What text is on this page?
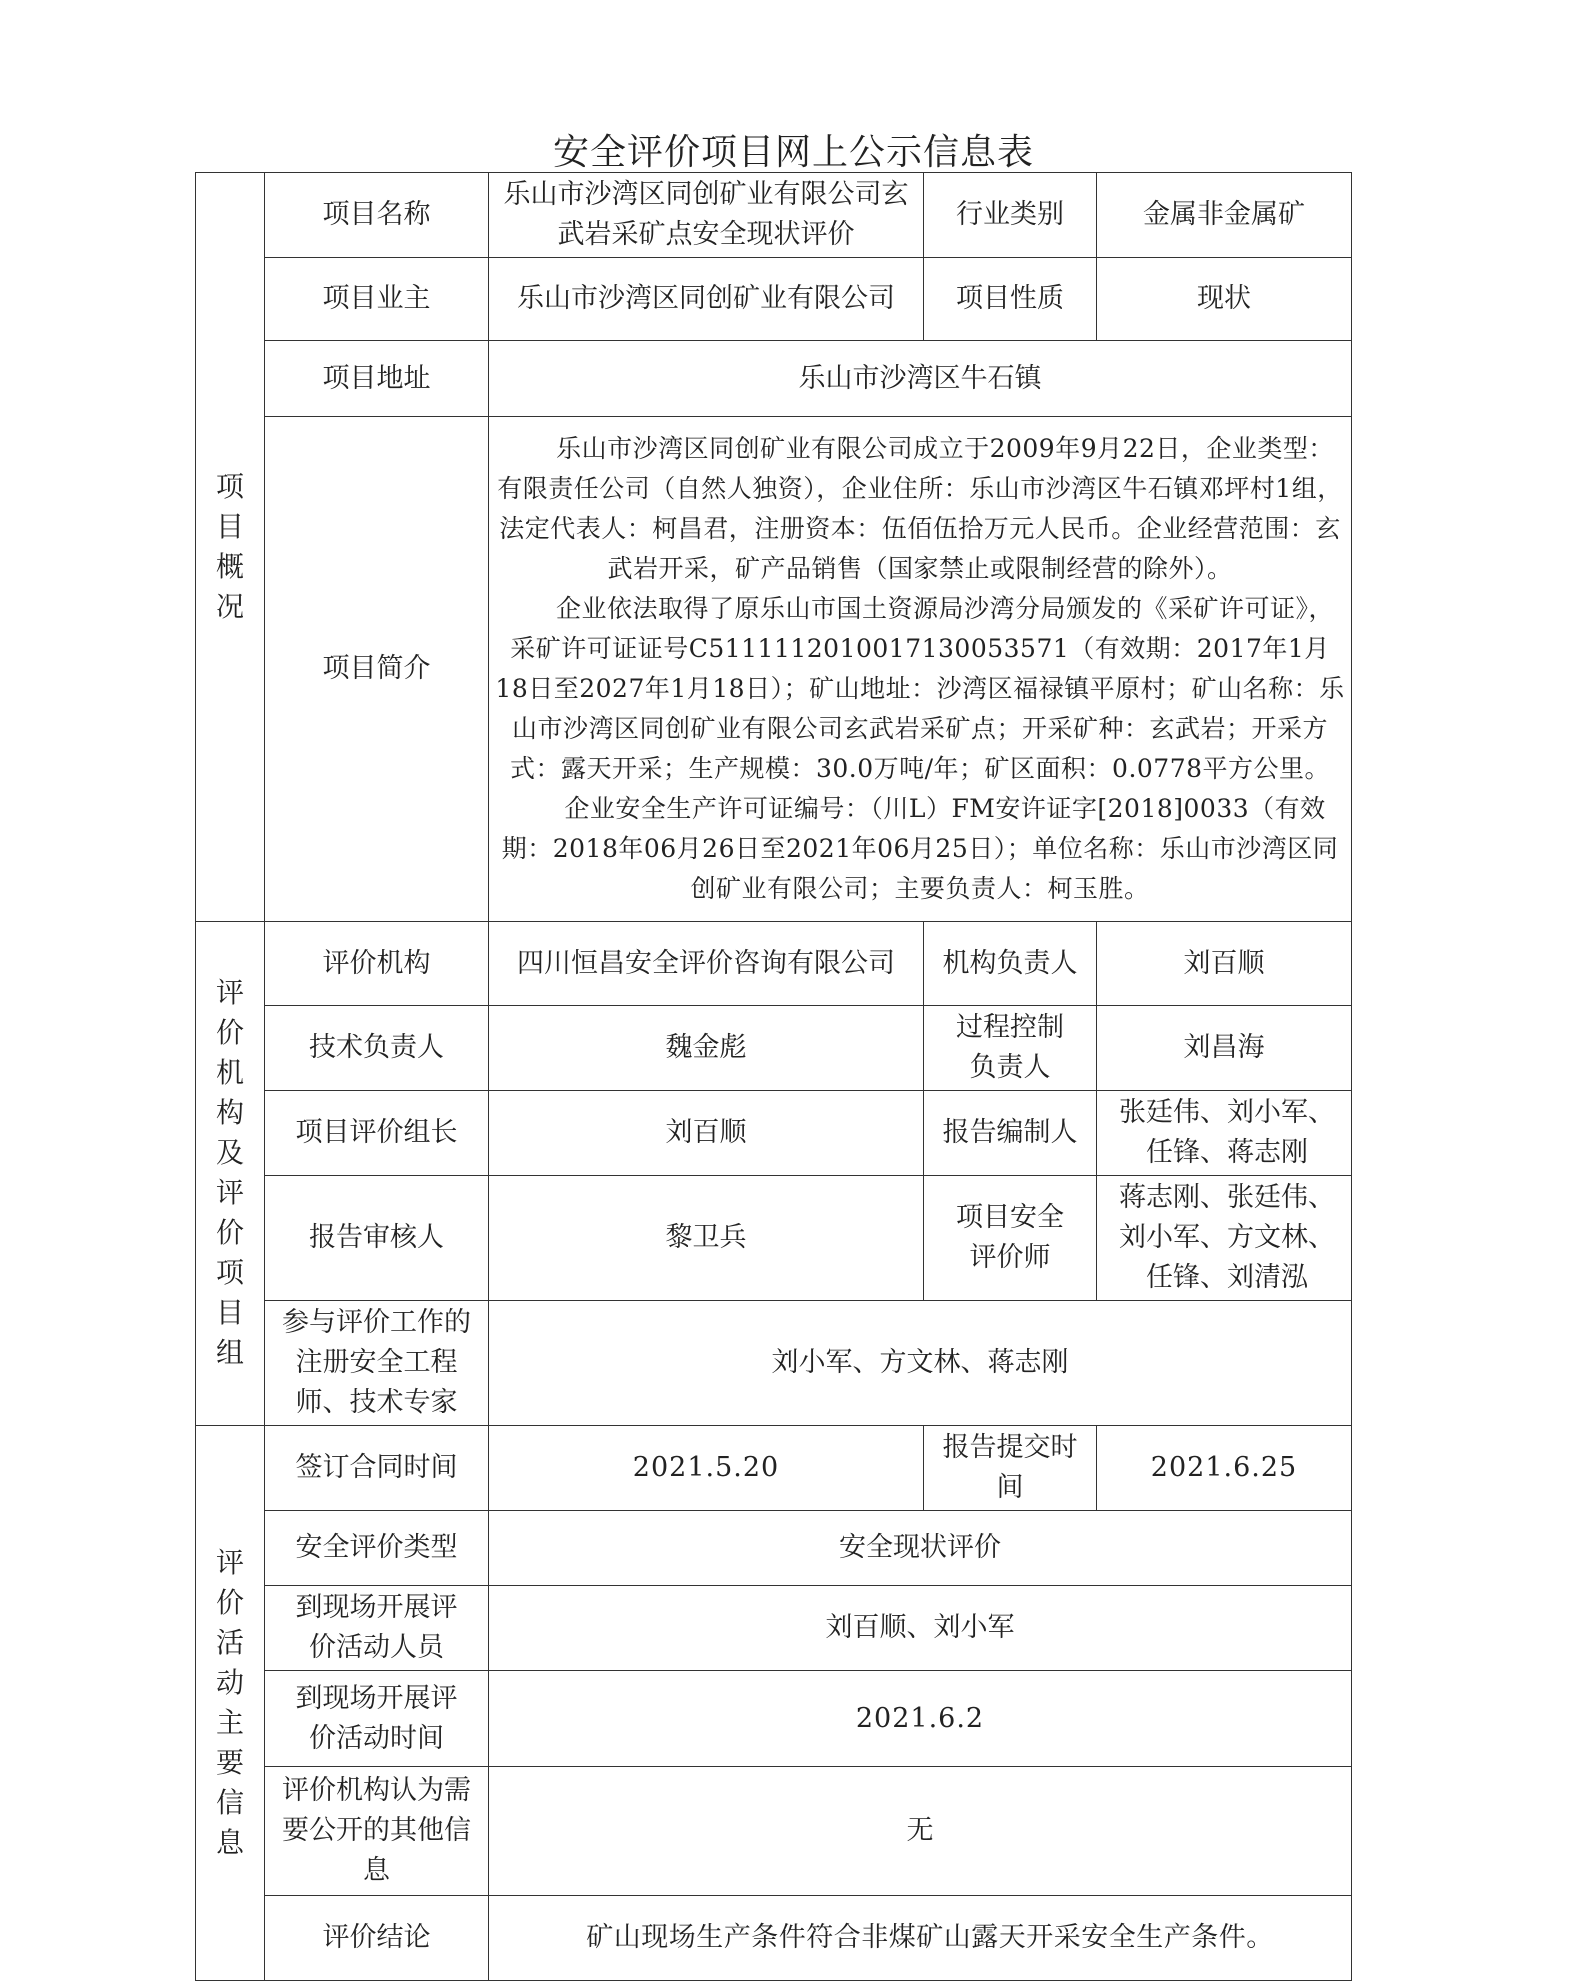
安全评价项目网上公示信息表
项目概况	项目名称	乐山市沙湾区同创矿业有限公司玄武岩采矿点安全现状评价	行业类别	金属非金属矿
	项目业主	乐山市沙湾区同创矿业有限公司	项目性质	现状
	项目地址	乐山市沙湾区牛石镇		
	项目简介	乐山市沙湾区同创矿业有限公司成立于2009年9月22日，企业类型：有限责任公司（自然人独资），企业住所：乐山市沙湾区牛石镇邓坪村1组，法定代表人：柯昌君，注册资本：伍佰伍拾万元人民币。企业经营范围：玄武岩开采，矿产品销售（国家禁止或限制经营的除外）。

企业依法取得了原乐山市国土资源局沙湾分局颁发的《采矿许可证》，采矿许可证证号C5111112010017130053571（有效期：2017年1月18日至2027年1月18日）；矿山地址：沙湾区福禄镇平原村；矿山名称：乐山市沙湾区同创矿业有限公司玄武岩采矿点；开采矿种：玄武岩；开采方式：露天开采；生产规模：30.0万吨/年；矿区面积：0.0778平方公里。

企业安全生产许可证编号：（川L）FM安许证字[2018]0033（有效期：2018年06月26日至2021年06月25日）；单位名称：乐山市沙湾区同创矿业有限公司；主要负责人：柯玉胜。		

评价机构及评价项目组	评价机构	四川恒昌安全评价咨询有限公司	机构负责人	刘百顺
	技术负责人	魏金彪	过程控制负责人	刘昌海
	项目评价组长	刘百顺	报告编制人	张廷伟、刘小军、任锋、蒋志刚
	报告审核人	黎卫兵	项目安全评价师	蒋志刚、张廷伟、刘小军、方文林、任锋、刘清泓
	参与评价工作的注册安全工程师、技术专家	刘小军、方文林、蒋志刚		
评价活动主要信息	签订合同时间	2021.5.20	报告提交时间	2021.6.25
	安全评价类型	安全现状评价		
	到现场开展评价活动人员	刘百顺、刘小军		
	到现场开展评价活动时间	2021.6.2		
	评价机构认为需要公开的其他信息	无		
	评价结论	矿山现场生产条件符合非煤矿山露天开采安全生产条件。		
